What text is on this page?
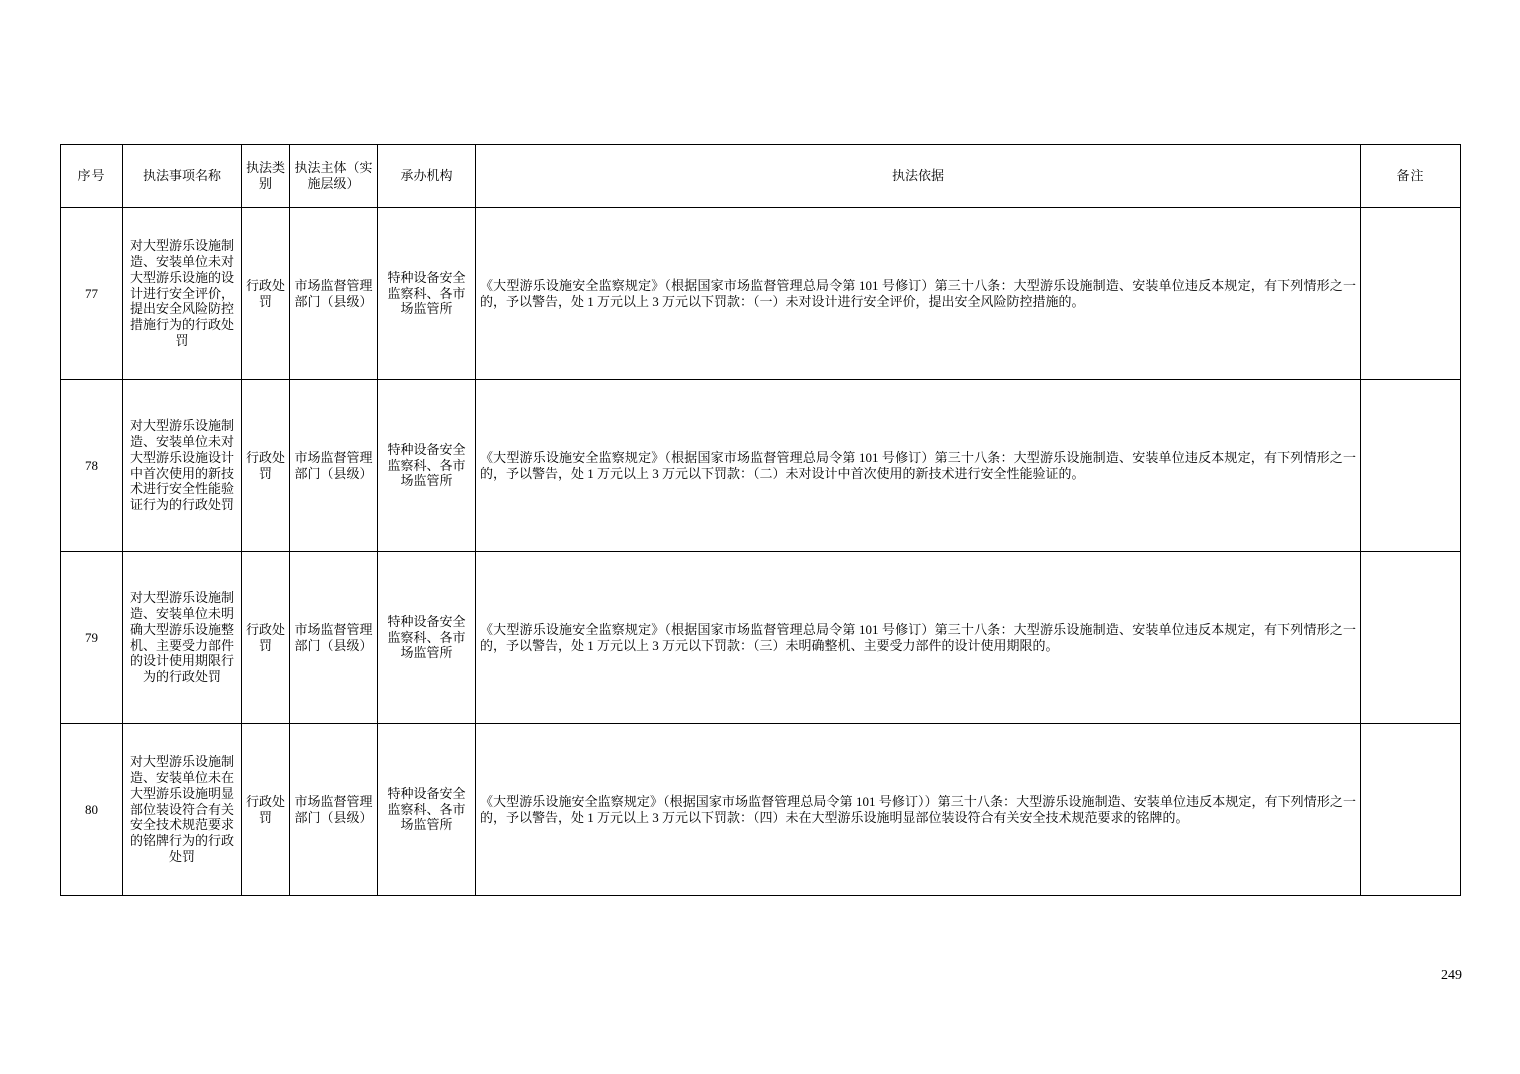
序号	执法事项名称	执法类别	执法主体（实施层级）	承办机构	执法依据	备注
77	对大型游乐设施制造、安装单位未对大型游乐设施的设计进行安全评价，提出安全风险防控措施行为的行政处罚	行政处罚	市场监督管理部门（县级）	特种设备安全监察科、各市场监管所	《大型游乐设施安全监察规定》（根据国家市场监督管理总局令第 101 号修订）第三十八条：大型游乐设施制造、安装单位违反本规定，有下列情形之一的，予以警告，处 1 万元以上 3 万元以下罚款：（一）未对设计进行安全评价，提出安全风险防控措施的。	
78	对大型游乐设施制造、安装单位未对大型游乐设施设计中首次使用的新技术进行安全性能验证行为的行政处罚	行政处罚	市场监督管理部门（县级）	特种设备安全监察科、各市场监管所	《大型游乐设施安全监察规定》（根据国家市场监督管理总局令第 101 号修订）第三十八条：大型游乐设施制造、安装单位违反本规定，有下列情形之一的，予以警告，处 1 万元以上 3 万元以下罚款：（二）未对设计中首次使用的新技术进行安全性能验证的。	
79	对大型游乐设施制造、安装单位未明确大型游乐设施整机、主要受力部件的设计使用期限行为的行政处罚	行政处罚	市场监督管理部门（县级）	特种设备安全监察科、各市场监管所	《大型游乐设施安全监察规定》（根据国家市场监督管理总局令第 101 号修订）第三十八条：大型游乐设施制造、安装单位违反本规定，有下列情形之一的，予以警告，处 1 万元以上 3 万元以下罚款：（三）未明确整机、主要受力部件的设计使用期限的。	
80	对大型游乐设施制造、安装单位未在大型游乐设施明显部位装设符合有关安全技术规范要求的铭牌行为的行政处罚	行政处罚	市场监督管理部门（县级）	特种设备安全监察科、各市场监管所	《大型游乐设施安全监察规定》（根据国家市场监督管理总局令第 101 号修订））第三十八条：大型游乐设施制造、安装单位违反本规定，有下列情形之一的，予以警告，处 1 万元以上 3 万元以下罚款：（四）未在大型游乐设施明显部位装设符合有关安全技术规范要求的铭牌的。	
249
